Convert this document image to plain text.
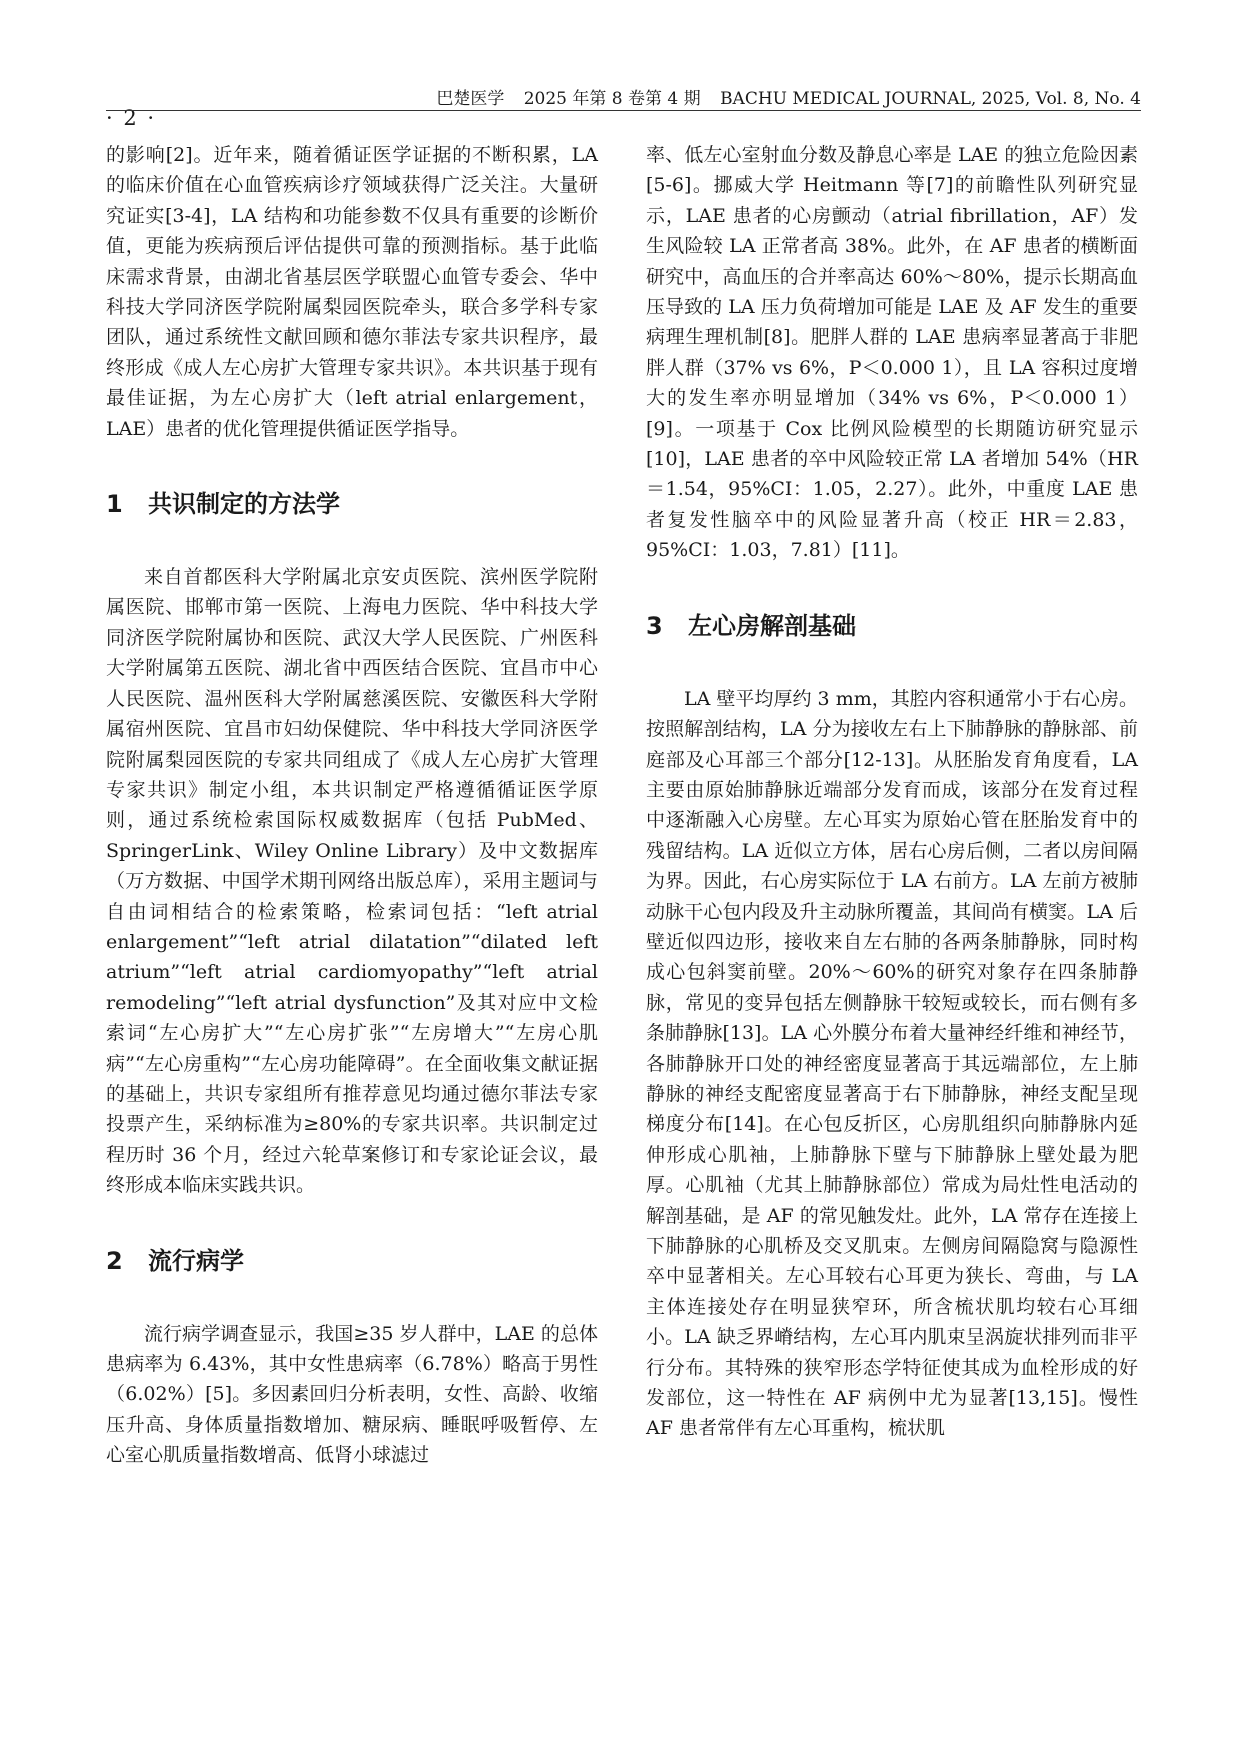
· 2 ·
巴楚医学 2025 年第 8 卷第 4 期 BACHU MEDICAL JOURNAL, 2025, Vol. 8, No. 4

的影响[2]。近年来，随着循证医学证据的不断积累，LA 的临床价值在心血管疾病诊疗领域获得广泛关注。大量研究证实[3-4]，LA 结构和功能参数不仅具有重要的诊断价值，更能为疾病预后评估提供可靠的预测指标。基于此临床需求背景，由湖北省基层医学联盟心血管专委会、华中科技大学同济医学院附属梨园医院牵头，联合多学科专家团队，通过系统性文献回顾和德尔菲法专家共识程序，最终形成《成人左心房扩大管理专家共识》。本共识基于现有最佳证据，为左心房扩大（left atrial enlargement，LAE）患者的优化管理提供循证医学指导。

1 共识制定的方法学

来自首都医科大学附属北京安贞医院、滨州医学院附属医院、邯郸市第一医院、上海电力医院、华中科技大学同济医学院附属协和医院、武汉大学人民医院、广州医科大学附属第五医院、湖北省中西医结合医院、宜昌市中心人民医院、温州医科大学附属慈溪医院、安徽医科大学附属宿州医院、宜昌市妇幼保健院、华中科技大学同济医学院附属梨园医院的专家共同组成了《成人左心房扩大管理专家共识》制定小组，本共识制定严格遵循循证医学原则，通过系统检索国际权威数据库（包括 PubMed、SpringerLink、Wiley Online Library）及中文数据库（万方数据、中国学术期刊网络出版总库），采用主题词与自由词相结合的检索策略，检索词包括：“left atrial enlargement”“left atrial dilatation”“dilated left atrium”“left atrial cardiomyopathy”“left atrial remodeling”“left atrial dysfunction”及其对应中文检索词“左心房扩大”“左心房扩张”“左房增大”“左房心肌病”“左心房重构”“左心房功能障碍”。在全面收集文献证据的基础上，共识专家组所有推荐意见均通过德尔菲法专家投票产生，采纳标准为≥80%的专家共识率。共识制定过程历时 36 个月，经过六轮草案修订和专家论证会议，最终形成本临床实践共识。

2 流行病学

流行病学调查显示，我国≥35 岁人群中，LAE 的总体患病率为 6.43%，其中女性患病率（6.78%）略高于男性（6.02%）[5]。多因素回归分析表明，女性、高龄、收缩压升高、身体质量指数增加、糖尿病、睡眠呼吸暂停、左心室心肌质量指数增高、低肾小球滤过

率、低左心室射血分数及静息心率是 LAE 的独立危险因素[5-6]。挪威大学 Heitmann 等[7]的前瞻性队列研究显示，LAE 患者的心房颤动（atrial fibrillation，AF）发生风险较 LA 正常者高 38%。此外，在 AF 患者的横断面研究中，高血压的合并率高达 60%～80%，提示长期高血压导致的 LA 压力负荷增加可能是 LAE 及 AF 发生的重要病理生理机制[8]。肥胖人群的 LAE 患病率显著高于非肥胖人群（37% vs 6%，P＜0.000 1），且 LA 容积过度增大的发生率亦明显增加（34% vs 6%，P＜0.000 1）[9]。一项基于 Cox 比例风险模型的长期随访研究显示[10]，LAE 患者的卒中风险较正常 LA 者增加 54%（HR＝1.54，95%CI：1.05，2.27）。此外，中重度 LAE 患者复发性脑卒中的风险显著升高（校正 HR＝2.83，95%CI：1.03，7.81）[11]。

3 左心房解剖基础

LA 壁平均厚约 3 mm，其腔内容积通常小于右心房。按照解剖结构，LA 分为接收左右上下肺静脉的静脉部、前庭部及心耳部三个部分[12-13]。从胚胎发育角度看，LA 主要由原始肺静脉近端部分发育而成，该部分在发育过程中逐渐融入心房壁。左心耳实为原始心管在胚胎发育中的残留结构。LA 近似立方体，居右心房后侧，二者以房间隔为界。因此，右心房实际位于 LA 右前方。LA 左前方被肺动脉干心包内段及升主动脉所覆盖，其间尚有横窦。LA 后壁近似四边形，接收来自左右肺的各两条肺静脉，同时构成心包斜窦前壁。20%～60%的研究对象存在四条肺静脉，常见的变异包括左侧静脉干较短或较长，而右侧有多条肺静脉[13]。LA 心外膜分布着大量神经纤维和神经节，各肺静脉开口处的神经密度显著高于其远端部位，左上肺静脉的神经支配密度显著高于右下肺静脉，神经支配呈现梯度分布[14]。在心包反折区，心房肌组织向肺静脉内延伸形成心肌袖，上肺静脉下壁与下肺静脉上壁处最为肥厚。心肌袖（尤其上肺静脉部位）常成为局灶性电活动的解剖基础，是 AF 的常见触发灶。此外，LA 常存在连接上下肺静脉的心肌桥及交叉肌束。左侧房间隔隐窝与隐源性卒中显著相关。左心耳较右心耳更为狭长、弯曲，与 LA 主体连接处存在明显狭窄环，所含梳状肌均较右心耳细小。LA 缺乏界嵴结构，左心耳内肌束呈涡旋状排列而非平行分布。其特殊的狭窄形态学特征使其成为血栓形成的好发部位，这一特性在 AF 病例中尤为显著[13,15]。慢性 AF 患者常伴有左心耳重构，梳状肌
